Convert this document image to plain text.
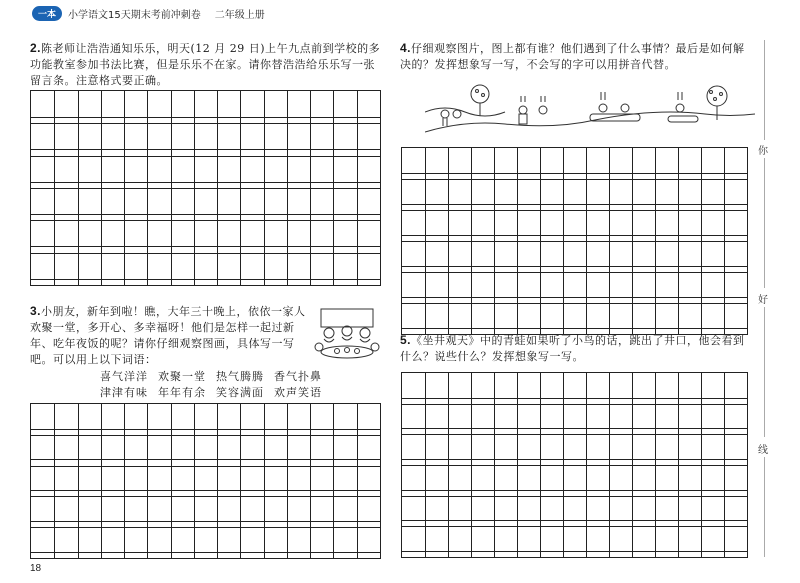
一本	小学语文15天期末考前冲刺卷 二年级上册
2.陈老师让浩浩通知乐乐，明天(12 月 29 日)上午九点前到学校的多功能教室参加书法比赛，但是乐乐不在家。请你替浩浩给乐乐写一张留言条。注意格式要正确。
3.小朋友，新年到啦！瞧，大年三十晚上，依依一家人欢聚一堂，多开心、多幸福呀！他们是怎样一起过新年、吃年夜饭的呢？请你仔细观察图画，具体写一写吧。可以用上以下词语：
喜气洋洋 欢聚一堂 热气腾腾 香气扑鼻
津津有味 年年有余 笑容满面 欢声笑语
4.仔细观察图片，图上都有谁？他们遇到了什么事情？最后是如何解决的？发挥想象写一写，不会写的字可以用拼音代替。
5.《坐井观天》中的青蛙如果听了小鸟的话，跳出了井口，他会看到什么？说些什么？发挥想象写一写。
你
好
线
18
